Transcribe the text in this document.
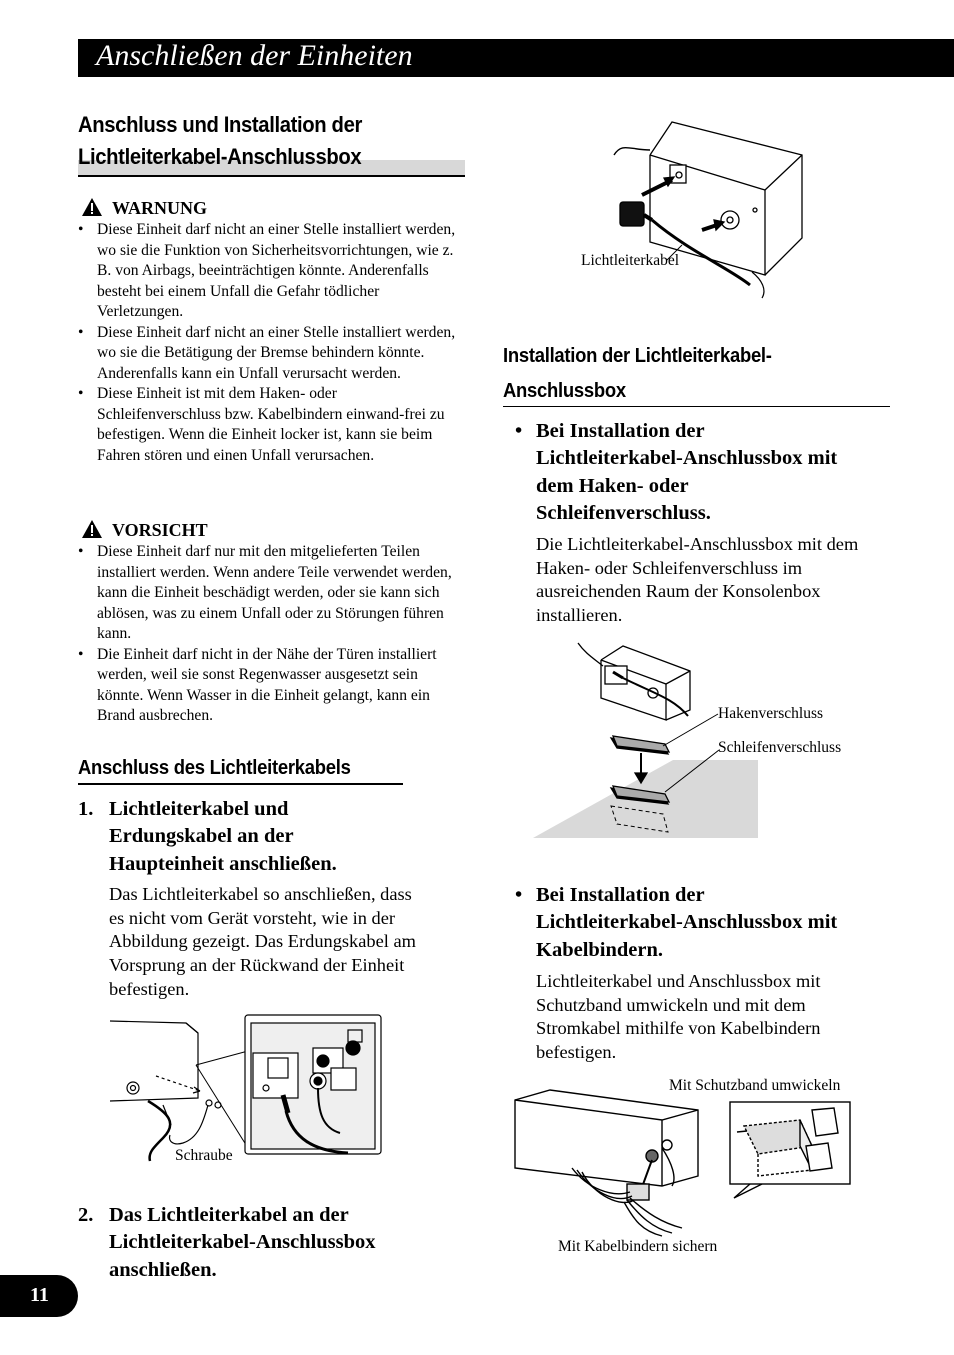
Anschließen der Einheiten
Anschluss und Installation der
Lichtleiterkabel-Anschlussbox
WARNUNG
• Diese Einheit darf nicht an einer Stelle installiert werden, wo sie die Funktion von Sicherheitsvorrichtungen, wie z. B. von Airbags, beeinträchtigen könnte. Anderenfalls besteht bei einem Unfall die Gefahr tödlicher Verletzungen.
• Diese Einheit darf nicht an einer Stelle installiert werden, wo sie die Betätigung der Bremse behindern könnte. Anderenfalls kann ein Unfall verursacht werden.
• Diese Einheit ist mit dem Haken- oder Schleifenverschluss bzw. Kabelbindern einwand-frei zu befestigen. Wenn die Einheit locker ist, kann sie beim Fahren stören und einen Unfall verursachen.
VORSICHT
• Diese Einheit darf nur mit den mitgelieferten Teilen installiert werden. Wenn andere Teile verwendet werden, kann die Einheit beschädigt werden, oder sie kann sich ablösen, was zu einem Unfall oder zu Störungen führen kann.
• Die Einheit darf nicht in der Nähe der Türen installiert werden, weil sie sonst Regenwasser ausgesetzt sein könnte. Wenn Wasser in die Einheit gelangt, kann ein Brand ausbrechen.
Anschluss des Lichtleiterkabels
1. Lichtleiterkabel und Erdungskabel an der Haupteinheit anschließen.
Das Lichtleiterkabel so anschließen, dass es nicht vom Gerät vorsteht, wie in der Abbildung gezeigt. Das Erdungskabel am Vorsprung an der Rückwand der Einheit befestigen.
Schraube
2. Das Lichtleiterkabel an der Lichtleiterkabel-Anschlussbox anschließen.
Lichtleiterkabel
Installation der Lichtleiterkabel-
Anschlussbox
• Bei Installation der Lichtleiterkabel-Anschlussbox mit dem Haken- oder Schleifenverschluss.
Die Lichtleiterkabel-Anschlussbox mit dem Haken- oder Schleifenverschluss im ausreichenden Raum der Konsolenbox installieren.
Hakenverschluss
Schleifenverschluss
• Bei Installation der Lichtleiterkabel-Anschlussbox mit Kabelbindern.
Lichtleiterkabel und Anschlussbox mit Schutzband umwickeln und mit dem Stromkabel mithilfe von Kabelbindern befestigen.
Mit Schutzband umwickeln
Mit Kabelbindern sichern
11
